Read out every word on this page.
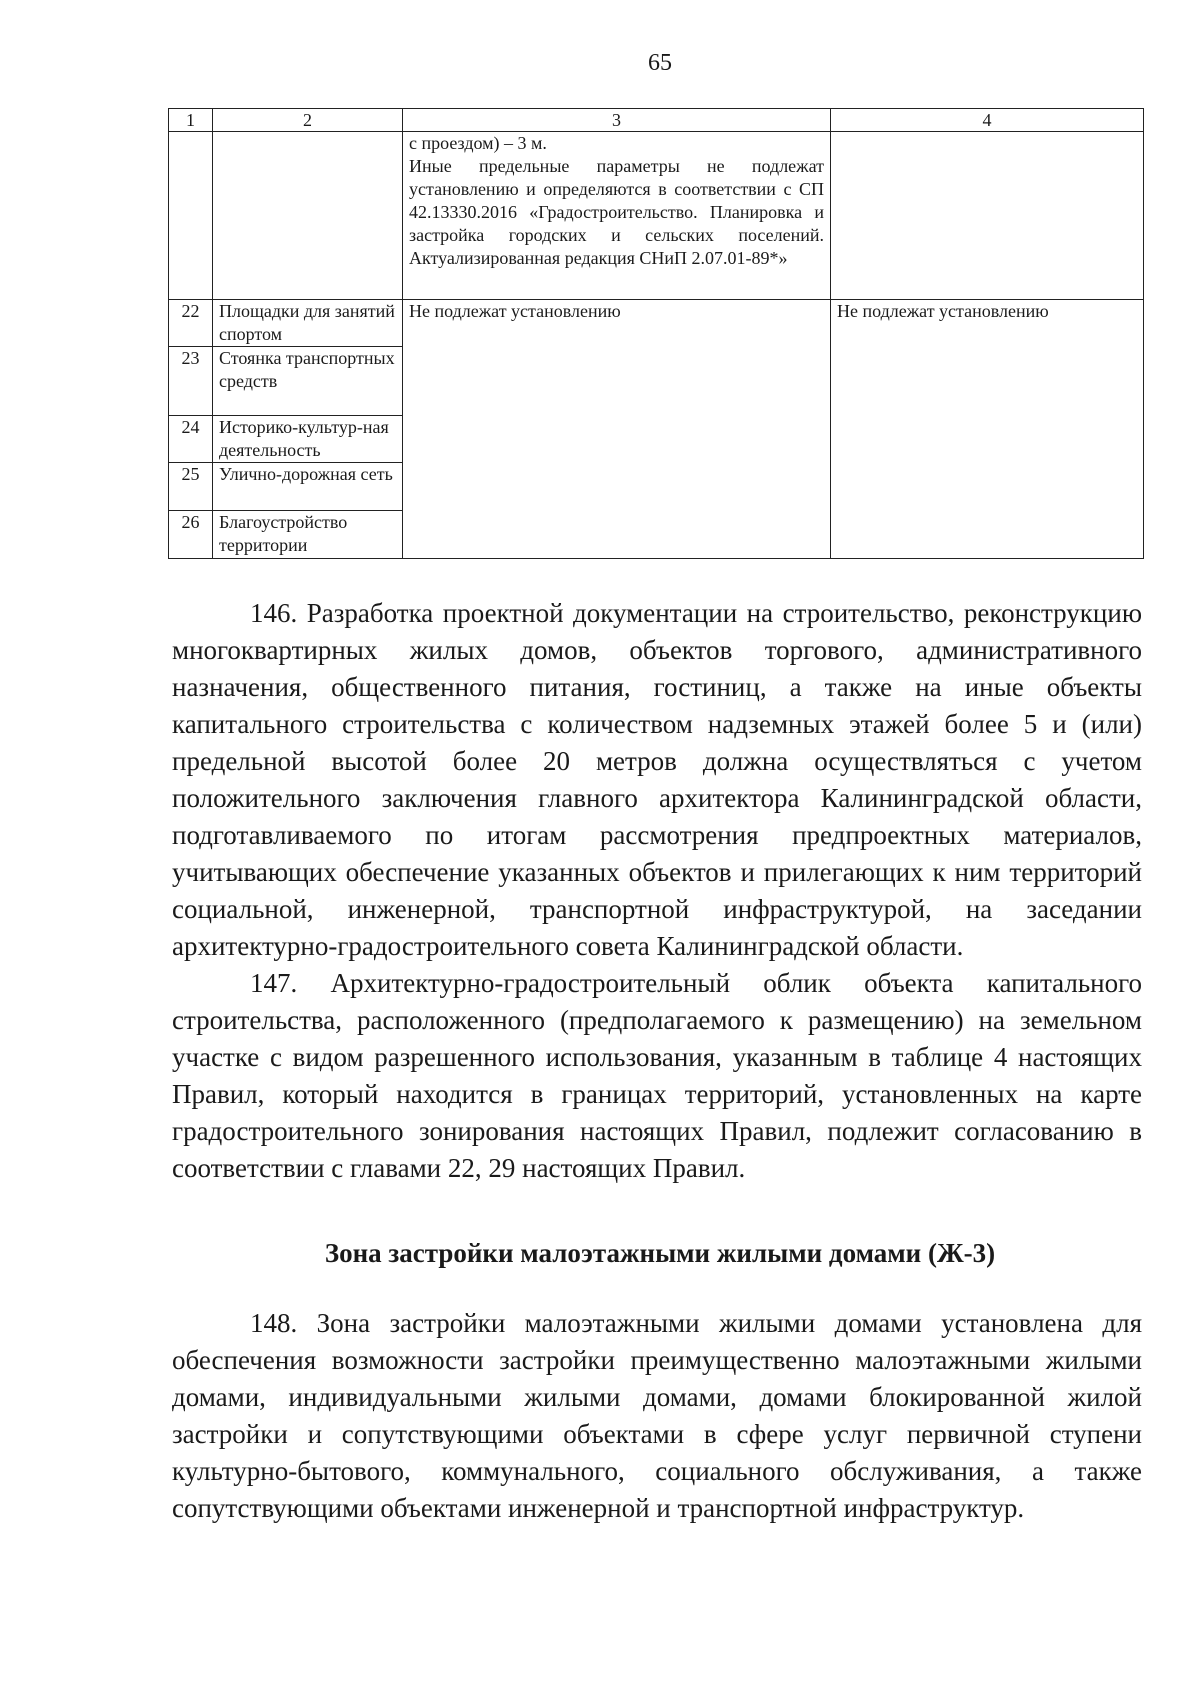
65
1	2	3	4
		с проездом) – 3 м.
Иные предельные параметры не подлежат установлению и определяются в соответствии с СП 42.13330.2016 «Градостроительство. Планировка и застройка городских и сельских поселений. Актуализированная редакция СНиП 2.07.01-89*»	
22	Площадки для занятий спортом	Не подлежат установлению	Не подлежат установлению
23	Стоянка транспортных средств		
24	Историко-культур-ная деятельность		
25	Улично-дорожная сеть		
26	Благоустройство территории		

146. Разработка проектной документации на строительство, реконструкцию многоквартирных жилых домов, объектов торгового, административного назначения, общественного питания, гостиниц, а также на иные объекты капитального строительства с количеством надземных этажей более 5 и (или) предельной высотой более 20 метров должна осуществляться с учетом положительного заключения главного архитектора Калининградской области, подготавливаемого по итогам рассмотрения предпроектных материалов, учитывающих обеспечение указанных объектов и прилегающих к ним территорий социальной, инженерной, транспортной инфраструктурой, на заседании архитектурно-градостроительного совета Калининградской области.

147. Архитектурно-градостроительный облик объекта капитального строительства, расположенного (предполагаемого к размещению) на земельном участке с видом разрешенного использования, указанным в таблице 4 настоящих Правил, который находится в границах территорий, установленных на карте градостроительного зонирования настоящих Правил, подлежит согласованию в соответствии с главами 22, 29 настоящих Правил.

Зона застройки малоэтажными жилыми домами (Ж-3)

148. Зона застройки малоэтажными жилыми домами установлена для обеспечения возможности застройки преимущественно малоэтажными жилыми домами, индивидуальными жилыми домами, домами блокированной жилой застройки и сопутствующими объектами в сфере услуг первичной ступени культурно-бытового, коммунального, социального обслуживания, а также сопутствующими объектами инженерной и транспортной инфраструктур.
